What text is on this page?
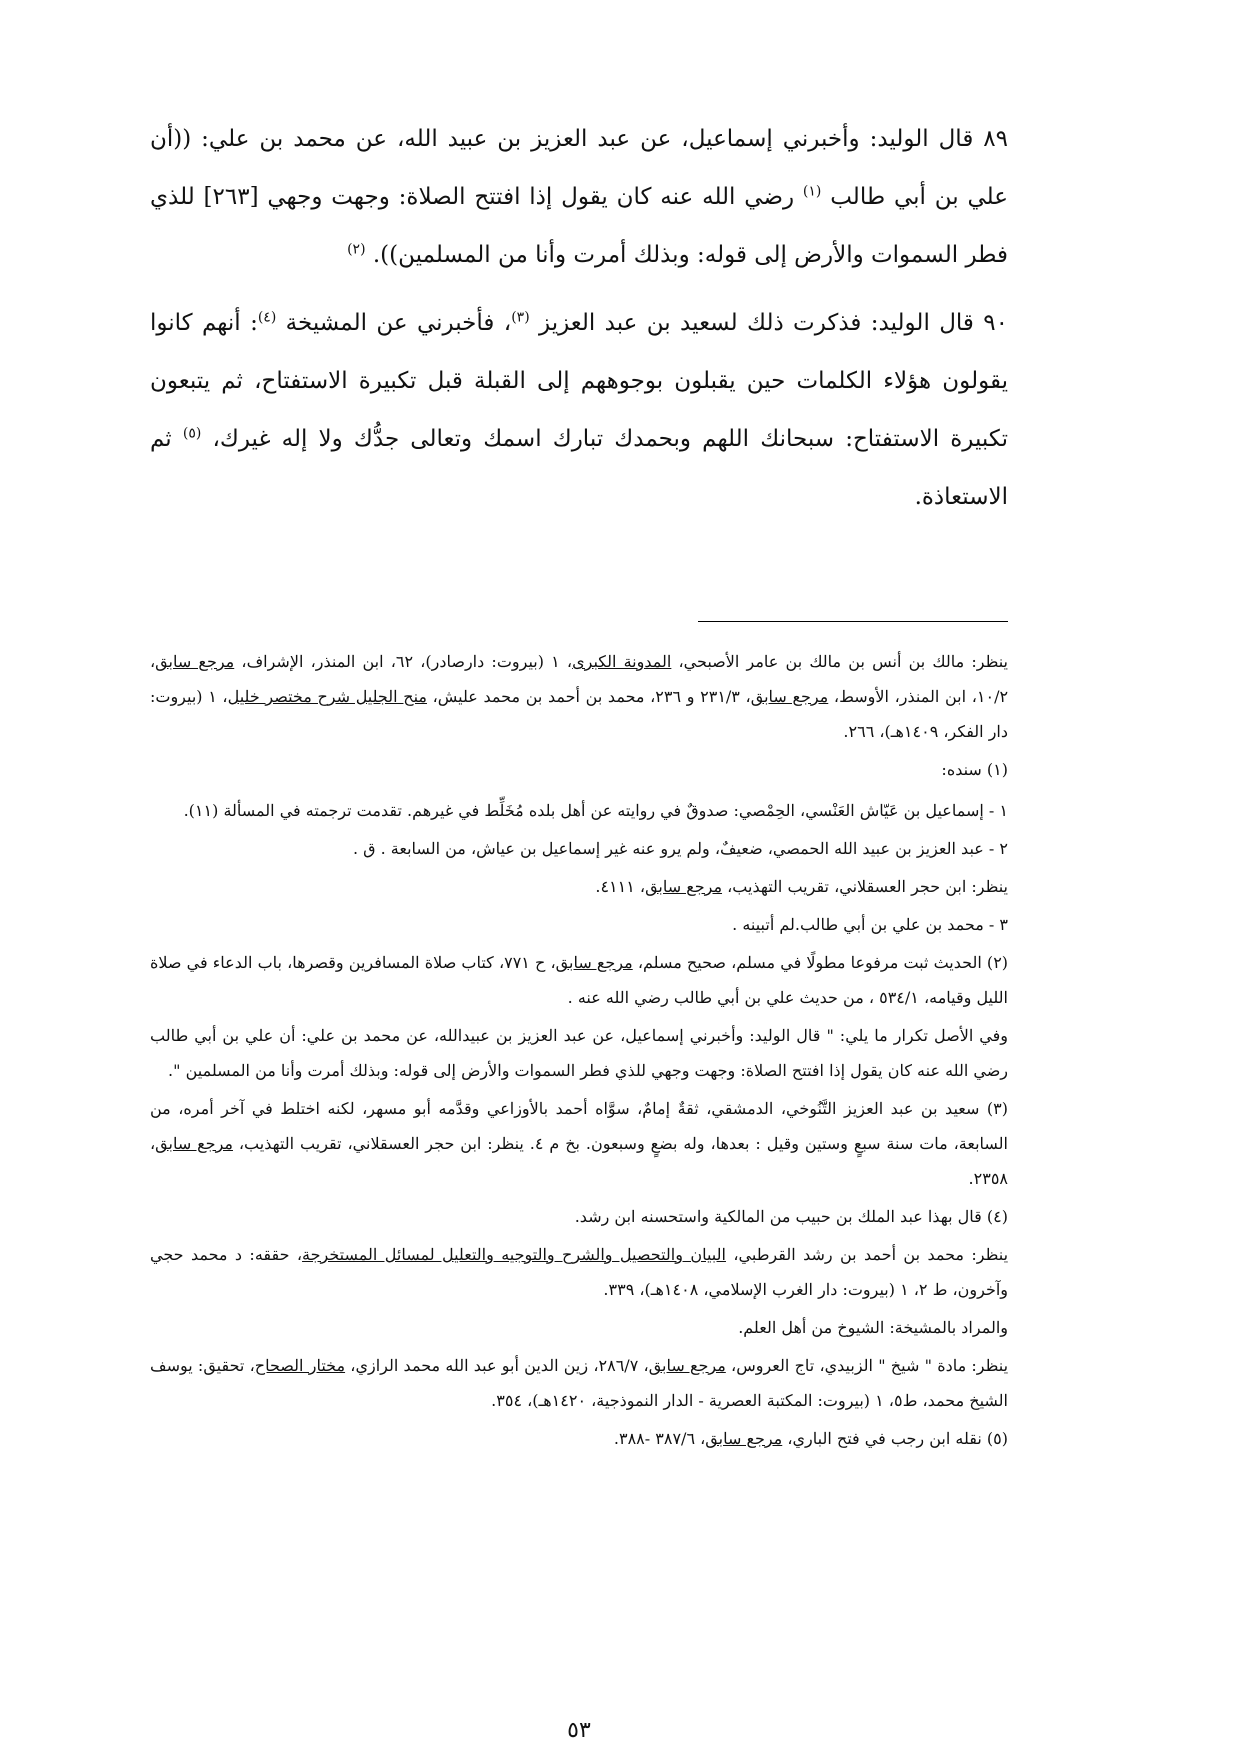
٨٩ قال الوليد: وأخبرني إسماعيل، عن عبد العزيز بن عبيد الله، عن محمد بن علي: ((أن علي بن أبي طالب $^{(١)}$ رضي الله عنه كان يقول إذا افتتح الصلاة: وجهت وجهي [٢٦٣] للذي فطر السموات والأرض إلى قوله: وبذلك أمرت وأنا من المسلمين)). $^{(٢)}$

٩٠ قال الوليد: فذكرت ذلك لسعيد بن عبد العزيز $^{(٣)}$، فأخبرني عن المشيخة $^{(٤)}$: أنهم كانوا يقولون هؤلاء الكلمات حين يقبلون بوجوههم إلى القبلة قبل تكبيرة الاستفتاح، ثم يتبعون تكبيرة الاستفتاح: سبحانك اللهم وبحمدك تبارك اسمك وتعالى جدُّك ولا إله غيرك، $^{(٥)}$ ثم الاستعاذة.

ينظر: مالك بن أنس بن مالك بن عامر الأصبحي، المدونة الكبرى، ١ (بيروت: دارصادر)، ٦٢، ابن المنذر، الإشراف، مرجع سابق، ١٠/٢، ابن المنذر، الأوسط، مرجع سابق، ٢٣١/٣ و ٢٣٦، محمد بن أحمد بن محمد عليش، منح الجليل شرح مختصر خليل، ١ (بيروت: دار الفكر، ١٤٠٩هـ)، ٢٦٦.

(١) سنده:

١ - إسماعيل بن عَيّاش العَنْسي، الحِمْصي: صدوقٌ في روايته عن أهل بلده مُخَلِّط في غيرهم. تقدمت ترجمته في المسألة (١١).

٢ - عبد العزيز بن عبيد الله الحمصي، ضعيفٌ، ولم يرو عنه غير إسماعيل بن عياش، من السابعة . ق .

ينظر: ابن حجر العسقلاني، تقريب التهذيب، مرجع سابق، ٤١١١.

٣ - محمد بن علي بن أبي طالب.لم أتبينه .

(٢) الحديث ثبت مرفوعا مطولًا في مسلم، صحيح مسلم، مرجع سابق، ح ٧٧١، كتاب صلاة المسافرين وقصرها، باب الدعاء في صلاة الليل وقيامه، ٥٣٤/١ ، من حديث علي بن أبي طالب رضي الله عنه .

وفي الأصل تكرار ما يلي: " قال الوليد: وأخبرني إسماعيل، عن عبد العزيز بن عبيدالله، عن محمد بن علي: أن علي بن أبي طالب رضي الله عنه كان يقول إذا افتتح الصلاة: وجهت وجهي للذي فطر السموات والأرض إلى قوله: وبذلك أمرت وأنا من المسلمين ".

(٣) سعيد بن عبد العزيز التَّنُوخي، الدمشقي، ثقةٌ إمامٌ، سوَّاه أحمد بالأوزاعي وقدَّمه أبو مسهر، لكنه اختلط في آخر أمره، من السابعة، مات سنة سبعٍ وستين وقيل : بعدها، وله بضعٍ وسبعون. بخ م ٤. ينظر: ابن حجر العسقلاني، تقريب التهذيب، مرجع سابق، ٢٣٥٨.

(٤) قال بهذا عبد الملك بن حبيب من المالكية واستحسنه ابن رشد.

ينظر: محمد بن أحمد بن رشد القرطبي، البيان والتحصيل والشرح والتوجيه والتعليل لمسائل المستخرجة، حققه: د محمد حجي وآخرون، ط ٢، ١ (بيروت: دار الغرب الإسلامي، ١٤٠٨هـ)، ٣٣٩.

والمراد بالمشيخة: الشيوخ من أهل العلم.

ينظر: مادة " شيخ " الزبيدي، تاج العروس، مرجع سابق، ٢٨٦/٧، زين الدين أبو عبد الله محمد الرازي، مختار الصحاح، تحقيق: يوسف الشيخ محمد، ط٥، ١ (بيروت: المكتبة العصرية - الدار النموذجية، ١٤٢٠هـ)، ٣٥٤.

(٥) نقله ابن رجب في فتح الباري، مرجع سابق، ٣٨٧/٦ -٣٨٨.

٥٣
